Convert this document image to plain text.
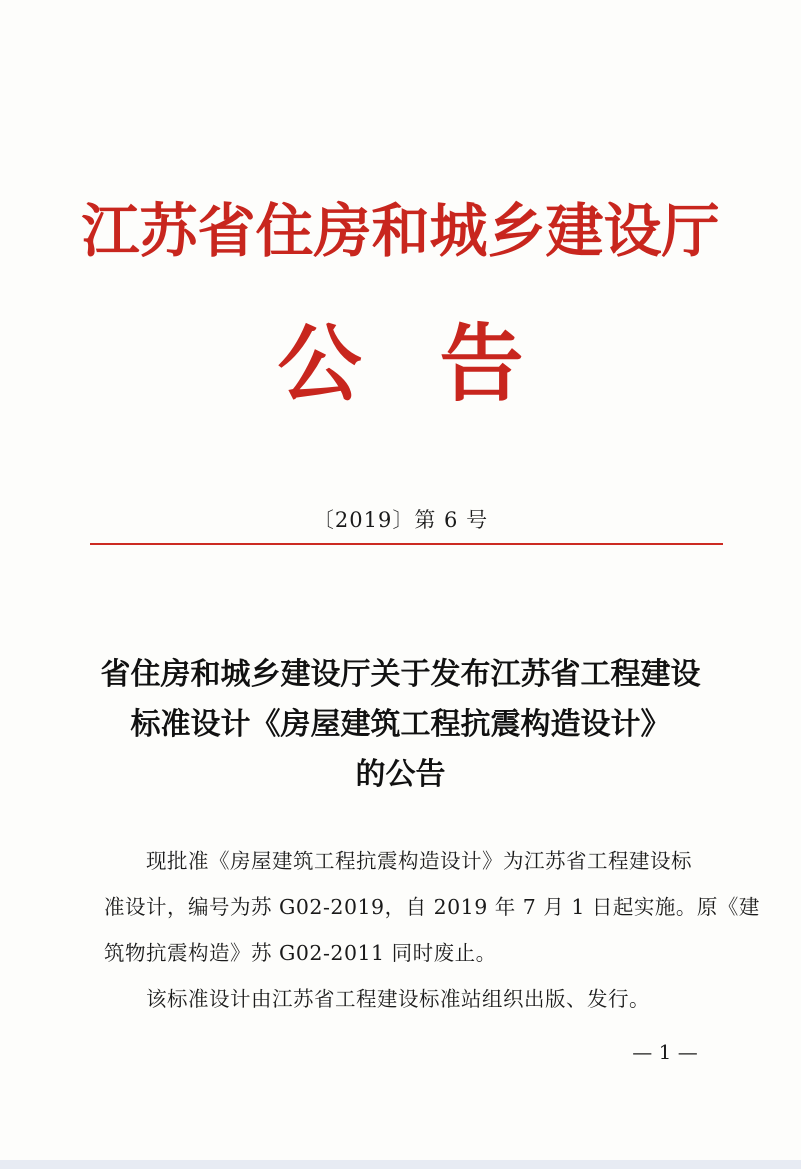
江苏省住房和城乡建设厅
公告
〔2019〕第 6 号
省住房和城乡建设厅关于发布江苏省工程建设
标准设计《房屋建筑工程抗震构造设计》
的公告
　　现批准《房屋建筑工程抗震构造设计》为江苏省工程建设标
准设计，编号为苏 G02-2019，自 2019 年 7 月 1 日起实施。原《建
筑物抗震构造》苏 G02-2011 同时废止。
　　该标准设计由江苏省工程建设标准站组织出版、发行。
— 1 —
